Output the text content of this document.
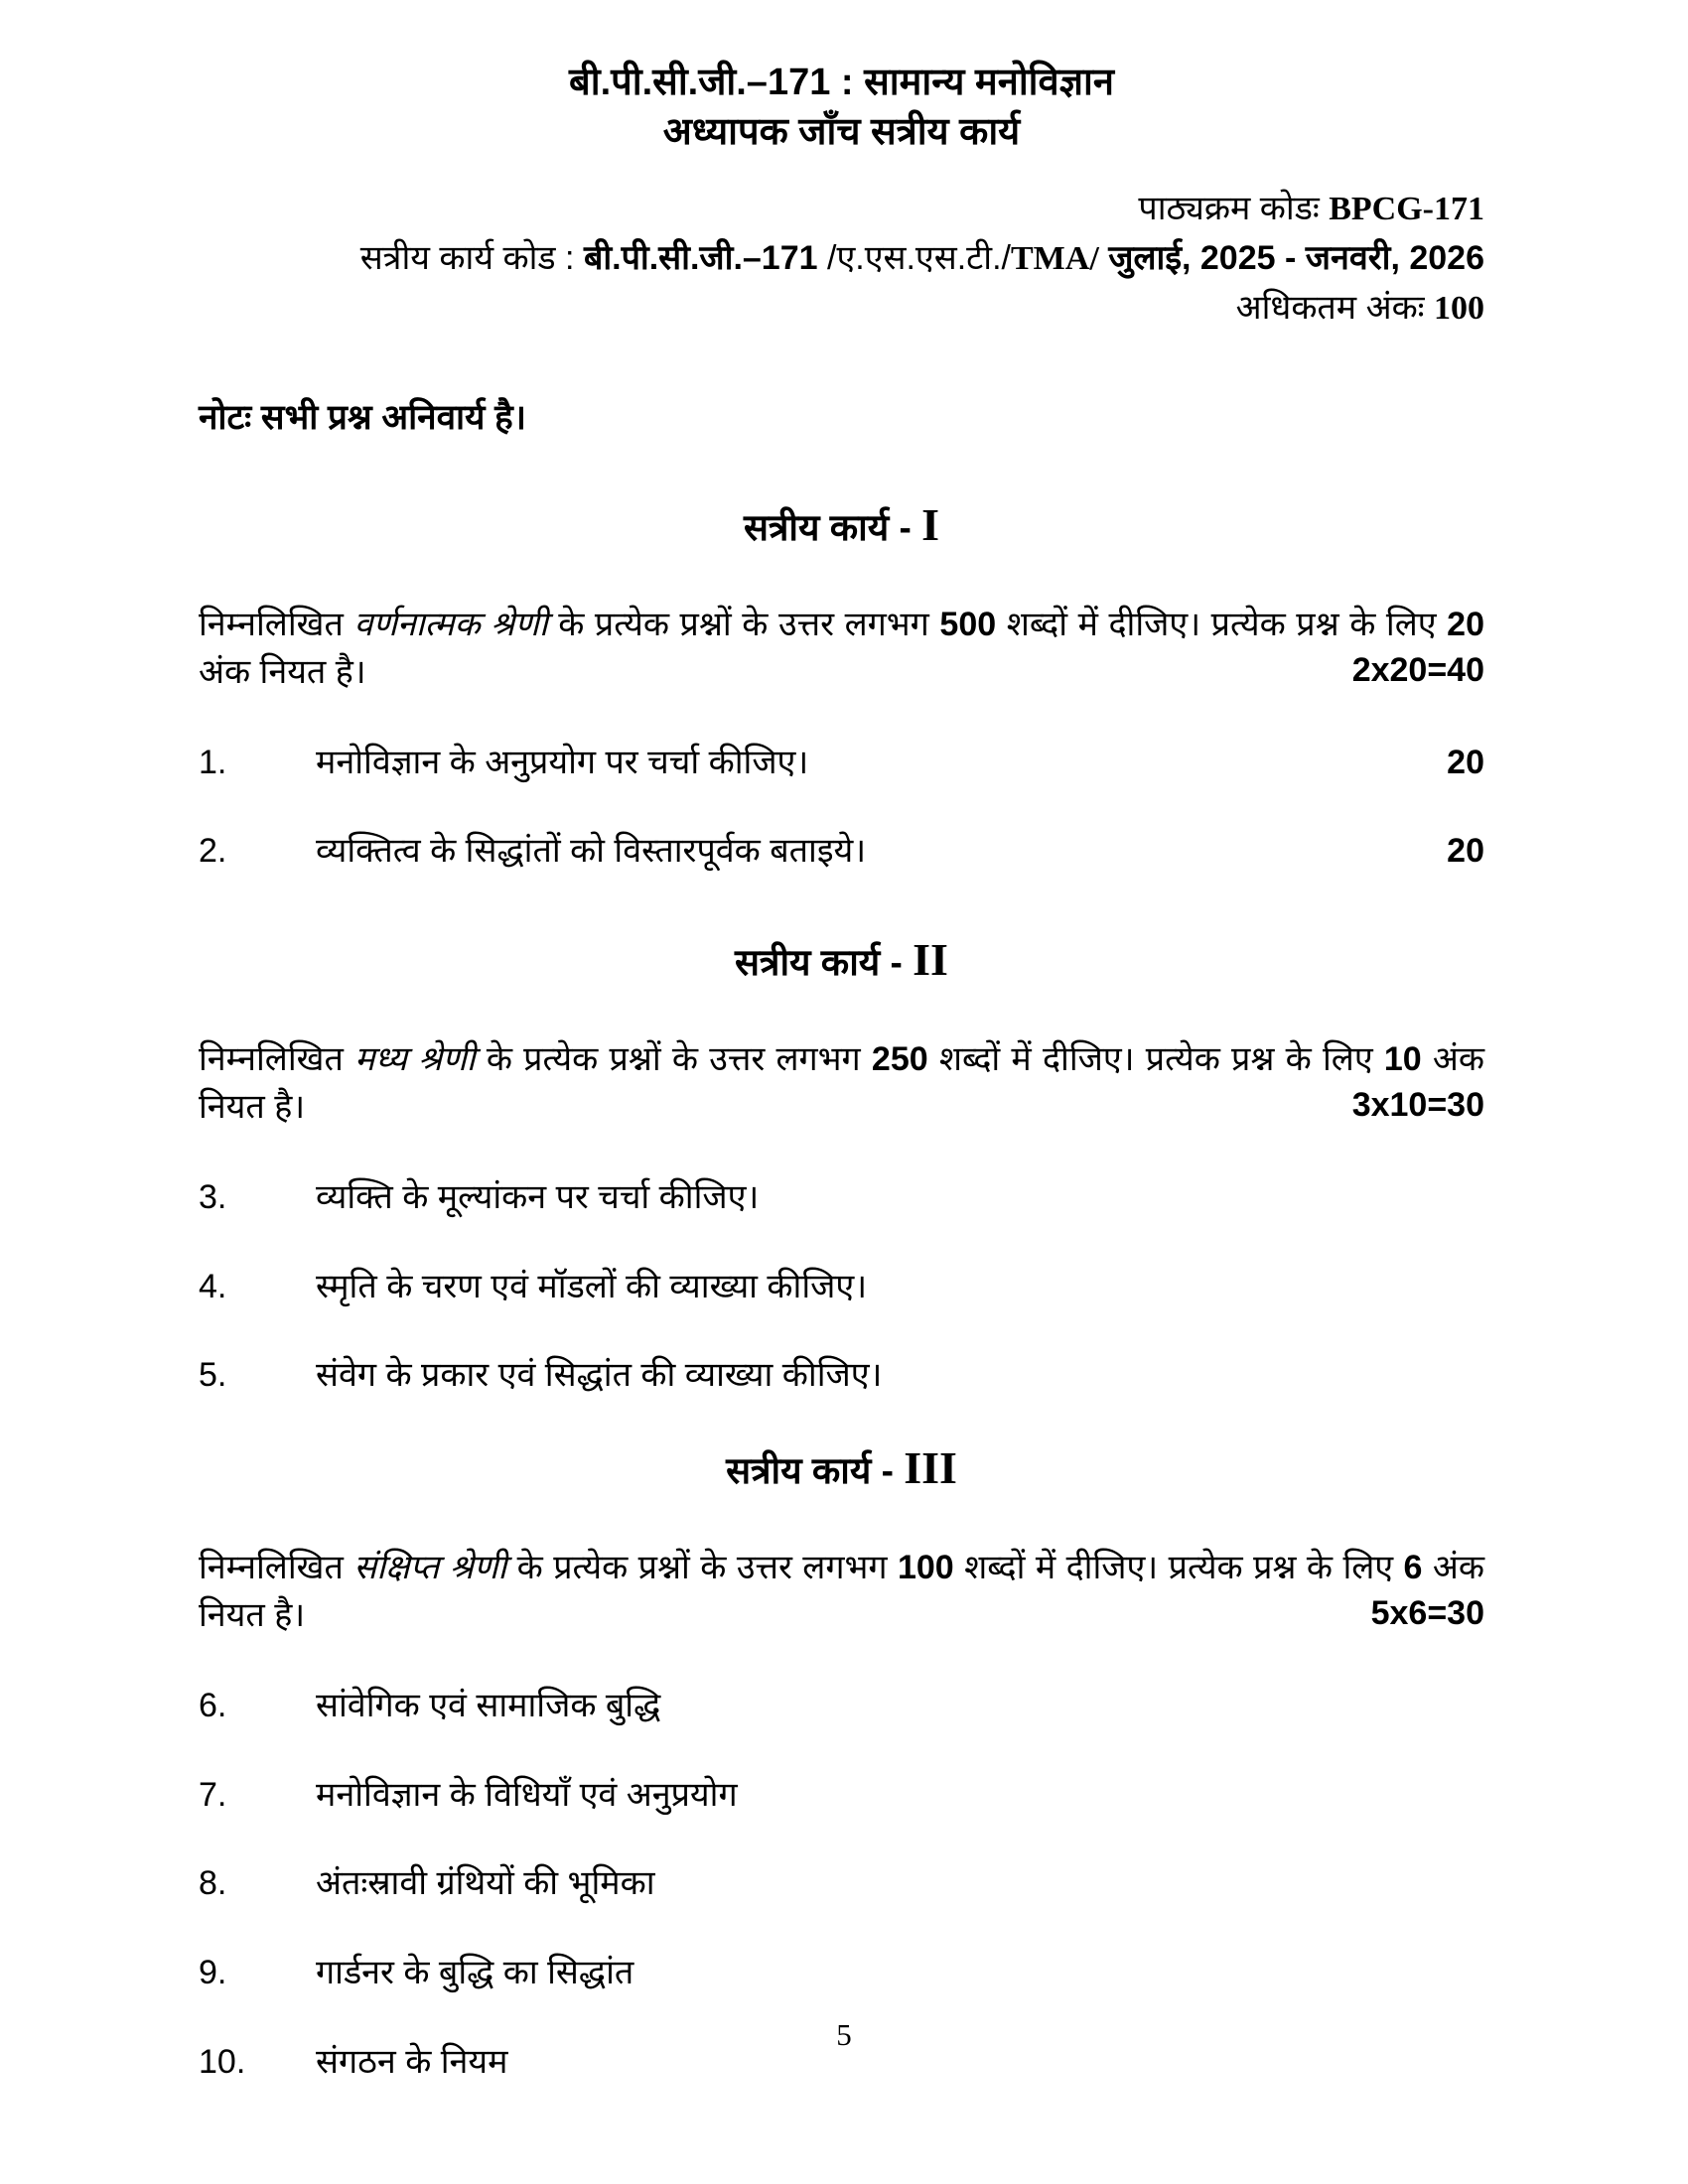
बी.पी.सी.जी.–171 : सामान्य मनोविज्ञान
अध्यापक जाँच सत्रीय कार्य
पाठ्यक्रम कोडः BPCG-171
सत्रीय कार्य कोड : बी.पी.सी.जी.–171 /ए.एस.एस.टी./TMA/ जुलाई, 2025 - जनवरी, 2026
अधिकतम अंकः 100
नोटः सभी प्रश्न अनिवार्य है।
सत्रीय कार्य - I
निम्नलिखित वर्णनात्मक श्रेणी के प्रत्येक प्रश्नों के उत्तर लगभग 500 शब्दों में दीजिए। प्रत्येक प्रश्न के लिए 20 अंक नियत है।	2x20=40
1.	मनोविज्ञान के अनुप्रयोग पर चर्चा कीजिए।	20
2.	व्यक्तित्व के सिद्धांतों को विस्तारपूर्वक बताइये।	20
सत्रीय कार्य - II
निम्नलिखित मध्य श्रेणी के प्रत्येक प्रश्नों के उत्तर लगभग 250 शब्दों में दीजिए। प्रत्येक प्रश्न के लिए 10 अंक नियत है।	3x10=30
3.	व्यक्ति के मूल्यांकन पर चर्चा कीजिए।
4.	स्मृति के चरण एवं मॉडलों की व्याख्या कीजिए।
5.	संवेग के प्रकार एवं सिद्धांत की व्याख्या कीजिए।
सत्रीय कार्य - III
निम्नलिखित संक्षिप्त श्रेणी के प्रत्येक प्रश्नों के उत्तर लगभग 100 शब्दों में दीजिए। प्रत्येक प्रश्न के लिए 6 अंक नियत है।	5x6=30
6.	सांवेगिक एवं सामाजिक बुद्धि
7.	मनोविज्ञान के विधियाँ एवं अनुप्रयोग
8.	अंतःस्रावी ग्रंथियों की भूमिका
9.	गार्डनर के बुद्धि का सिद्धांत
10.	संगठन के नियम
5
